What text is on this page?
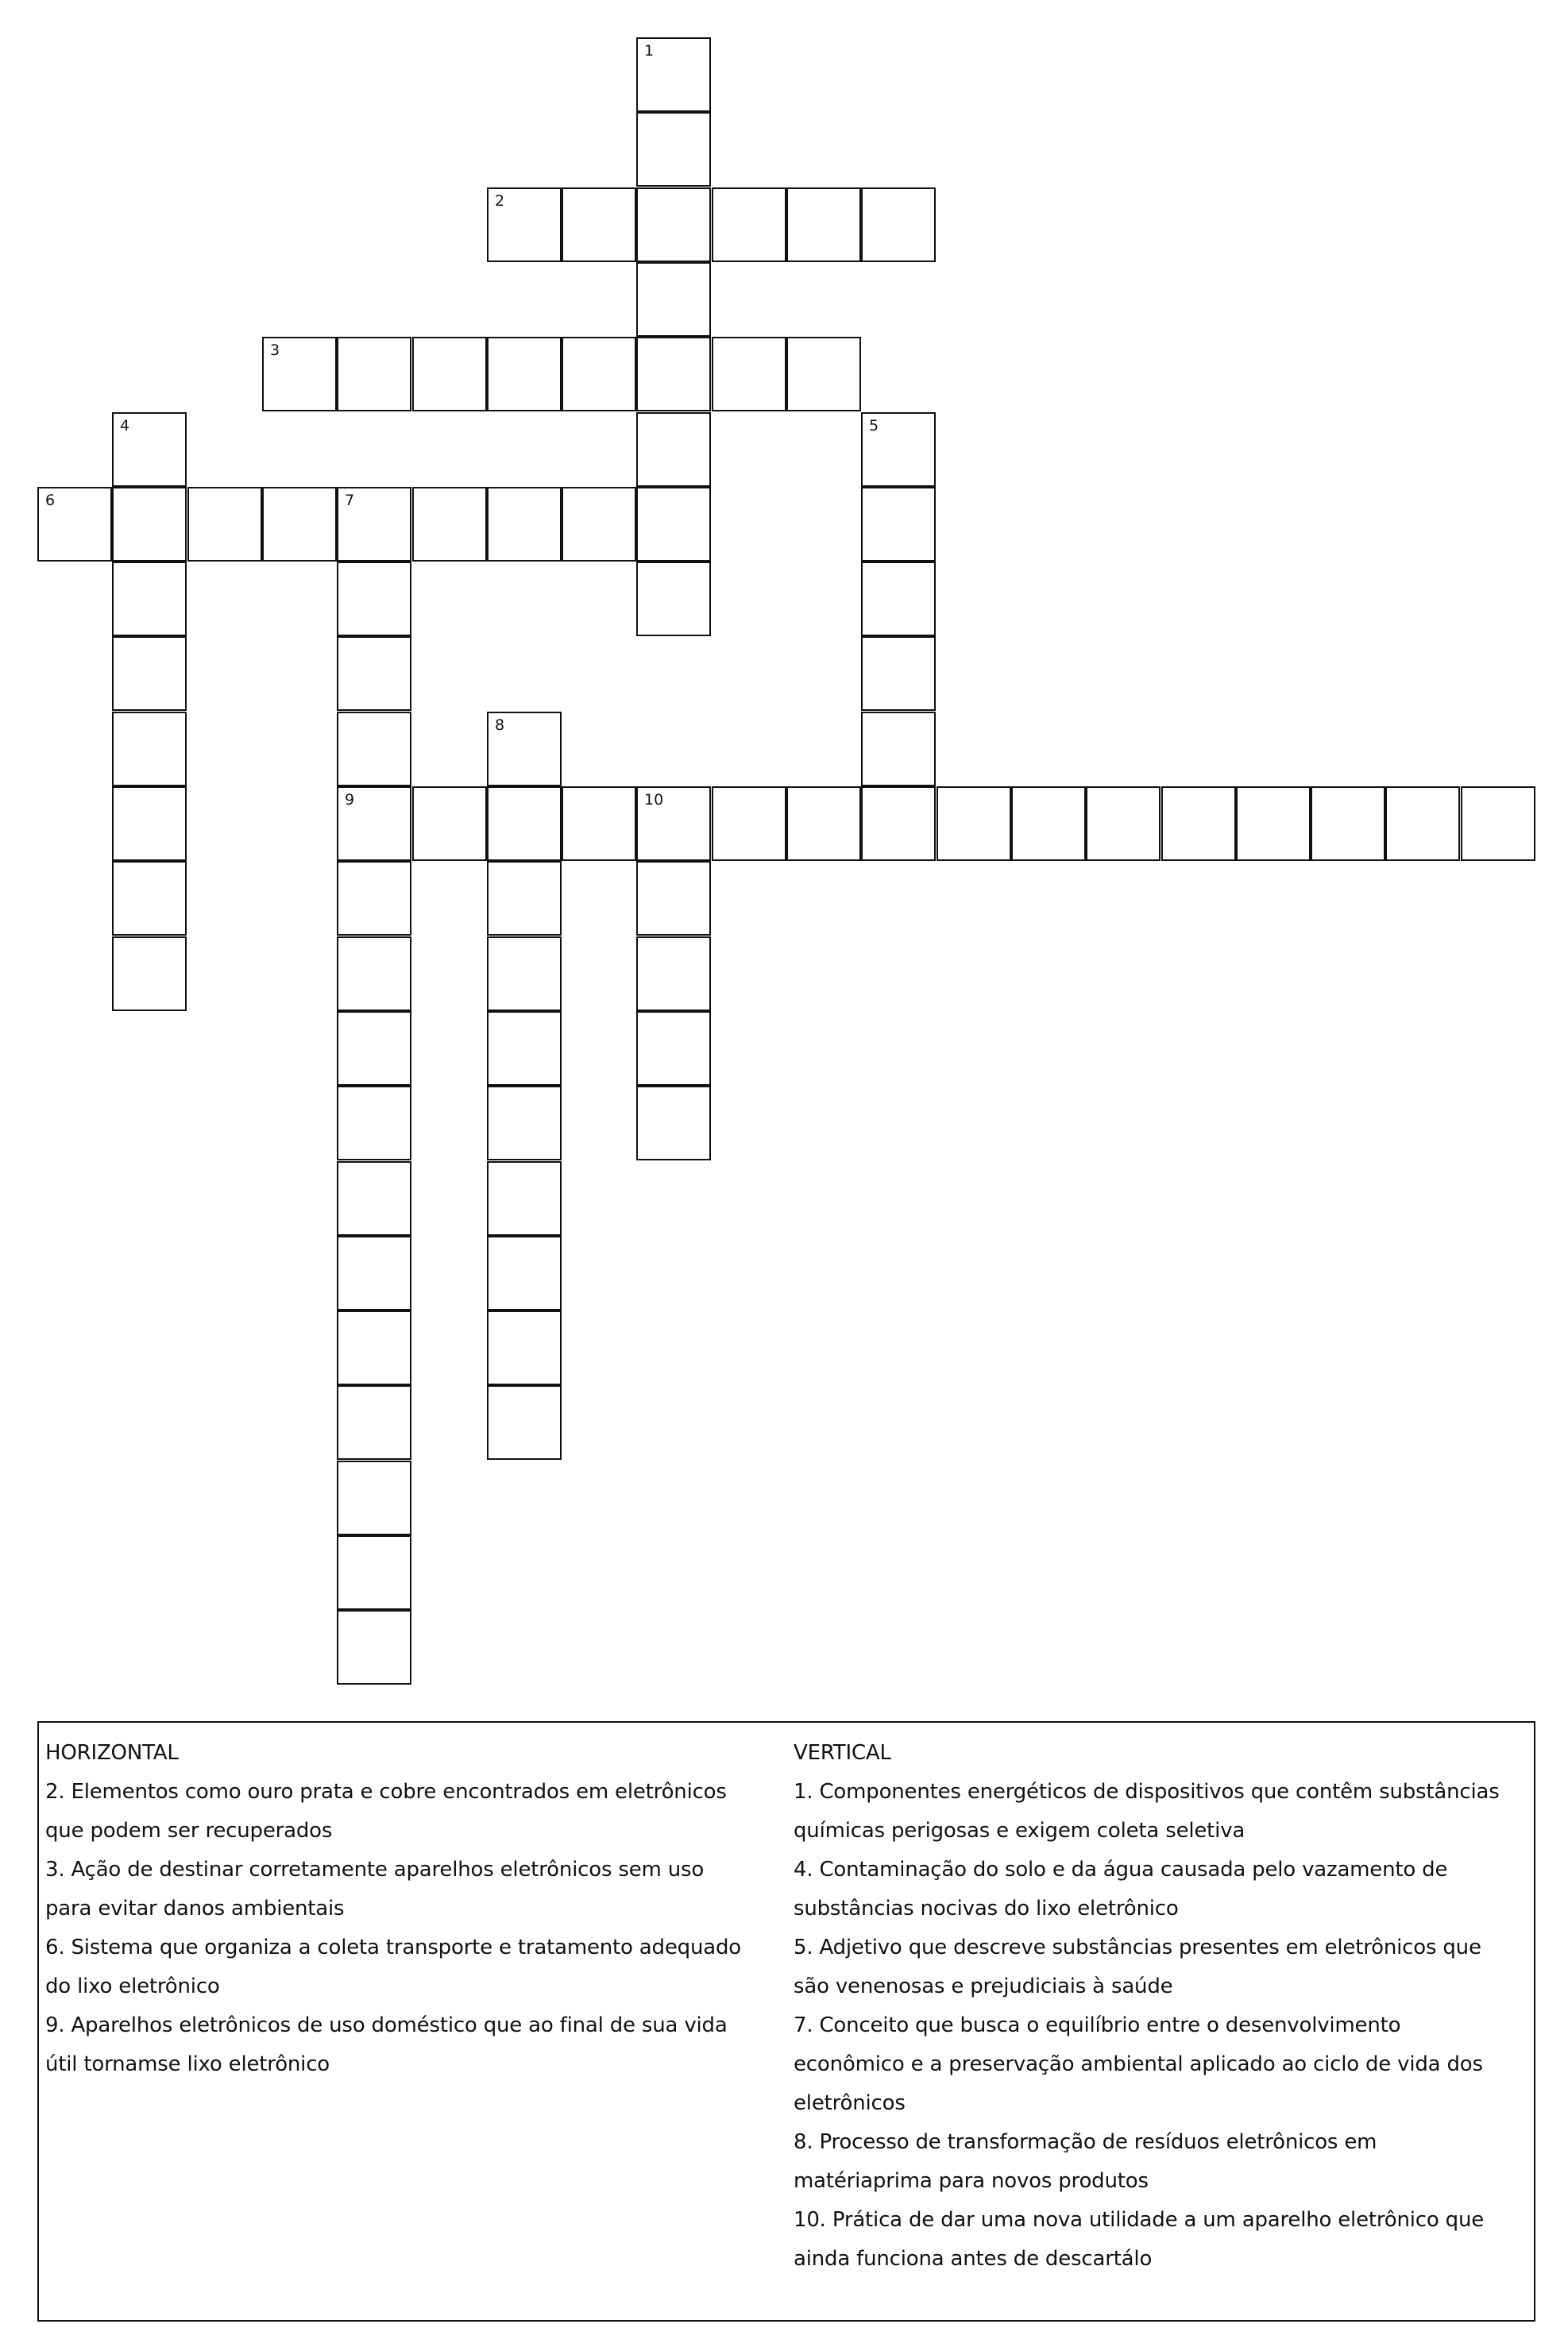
1
2
3
4	5
6	7
8
9	10

HORIZONTAL

2. Elementos como ouro prata e cobre encontrados em eletrônicos

que podem ser recuperados

3. Ação de destinar corretamente aparelhos eletrônicos sem uso

para evitar danos ambientais

6. Sistema que organiza a coleta transporte e tratamento adequado

do lixo eletrônico

9. Aparelhos eletrônicos de uso doméstico que ao final de sua vida

útil tornamse lixo eletrônico

VERTICAL

1. Componentes energéticos de dispositivos que contêm substâncias

químicas perigosas e exigem coleta seletiva

4. Contaminação do solo e da água causada pelo vazamento de

substâncias nocivas do lixo eletrônico

5. Adjetivo que descreve substâncias presentes em eletrônicos que

são venenosas e prejudiciais à saúde

7. Conceito que busca o equilíbrio entre o desenvolvimento

econômico e a preservação ambiental aplicado ao ciclo de vida dos

eletrônicos

8. Processo de transformação de resíduos eletrônicos em

matériaprima para novos produtos

10. Prática de dar uma nova utilidade a um aparelho eletrônico que

ainda funciona antes de descartálo
